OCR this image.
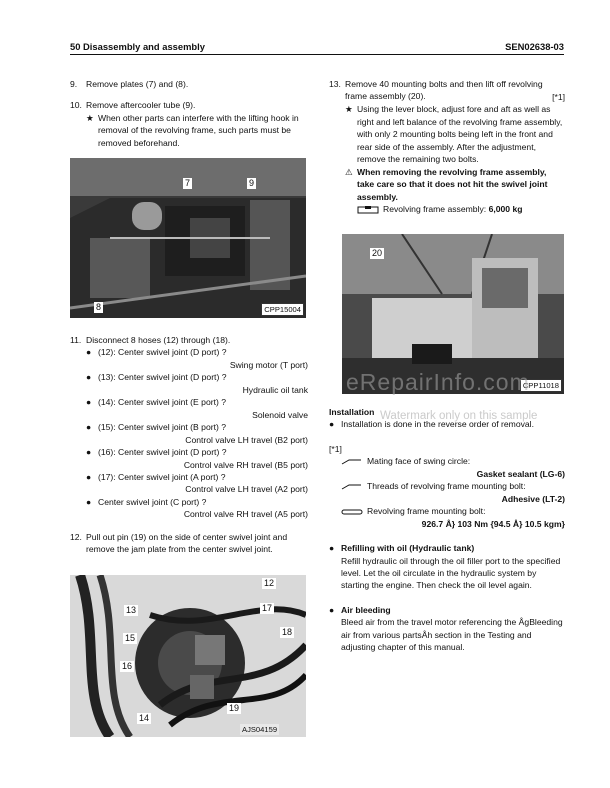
50 Disassembly and assembly	SEN02638-03
9. Remove plates (7) and (8).
10. Remove aftercooler tube (9).
★ When other parts can interfere with the lifting hook in removal of the revolving frame, such parts must be removed beforehand.
7	9
8	CPP15004
11. Disconnect 8 hoses (12) through (18).
● (12): Center swivel joint (D port) ?
Swing motor (T port)
● (13): Center swivel joint (D port) ?
Hydraulic oil tank
● (14): Center swivel joint (E port) ?
Solenoid valve
● (15): Center swivel joint (B port) ?
Control valve LH travel (B2 port)
● (16): Center swivel joint (D port) ?
Control valve RH travel (B5 port)
● (17): Center swivel joint (A port) ?
Control valve LH travel (A2 port)
● Center swivel joint (C port) ?
Control valve RH travel (A5 port)
12. Pull out pin (19) on the side of center swivel joint and remove the jam plate from the center swivel joint.
12
13	17
15
18
16
14
19
AJS04159
13. Remove 40 mounting bolts and then lift off revolving frame assembly (20).	[*1]
★ Using the lever block, adjust fore and aft as well as right and left balance of the revolving frame assembly, with only 2 mounting bolts being left in the front and rear side of the assembly. After the adjustment, remove the remaining two bolts.
⚠ When removing the revolving frame assembly, take care so that it does not hit the swivel joint assembly.
Revolving frame assembly: 6,000 kg
20
CPP11018
eRepairInfo.com
Watermark only on this sample
Installation
● Installation is done in the reverse order of removal.
[*1]
Mating face of swing circle:
Gasket sealant (LG-6)
Threads of revolving frame mounting bolt:
Adhesive (LT-2)
Revolving frame mounting bolt:
926.7 Å} 103 Nm {94.5 Å} 10.5 kgm}
● Refilling with oil (Hydraulic tank)
Refill hydraulic oil through the oil filler port to the specified level. Let the oil circulate in the hydraulic system by starting the engine. Then check the oil level again.
● Air bleeding
Bleed air from the travel motor referencing the ÅgBleeding air from various partsÅh section in the Testing and adjusting chapter of this manual.
